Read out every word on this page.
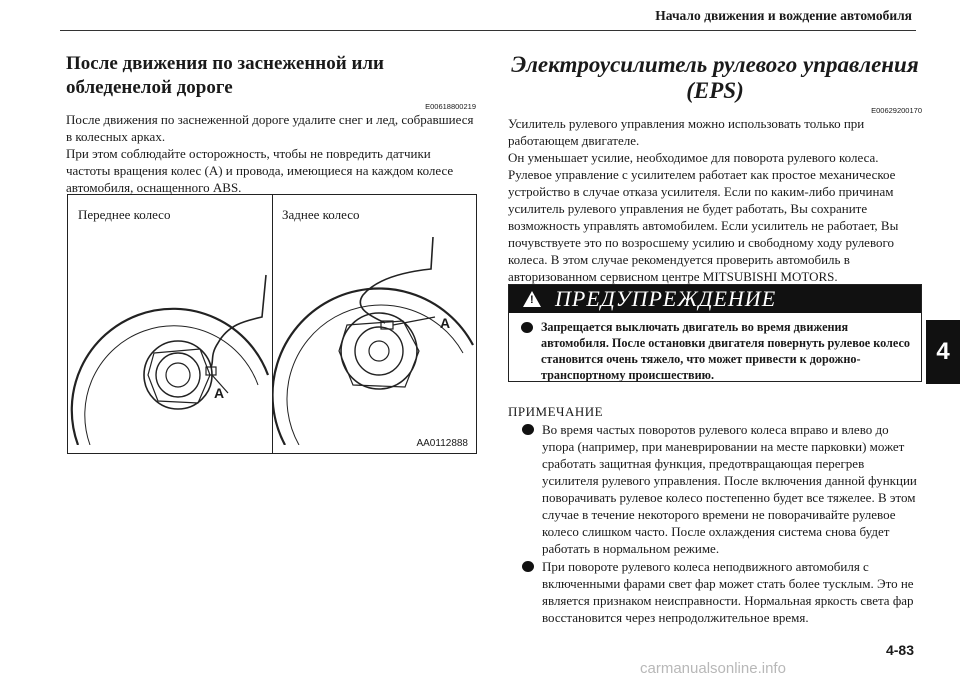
Начало движения и вождение автомобиля
4
После движения по заснеженной или обледенелой дороге
E00618800219

После движения по заснеженной дороге удалите снег и лед, собравшиеся в колесных арках.

При этом соблюдайте осторожность, чтобы не повредить датчики частоты вращения колес (A) и провода, имеющиеся на каждом колесе автомобиля, оснащенного ABS.

Переднее колесо	Заднее колесо
A
A
AA0112888
Электроусилитель рулевого управления (EPS)
E00629200170

Усилитель рулевого управления можно использовать только при работающем двигателе.

Он уменьшает усилие, необходимое для поворота рулевого колеса. Рулевое управление с усилителем работает как простое механическое устройство в случае отказа усилителя. Если по каким-либо причинам усилитель рулевого управления не будет работать, Вы сохраните возможность управлять автомобилем. Если усилитель не работает, Вы почувствуете это по возросшему усилию и свободному ходу рулевого колеса. В этом случае рекомендуется проверить автомобиль в авторизованном сервисном центре MITSUBISHI MOTORS.

! ПРЕДУПРЕЖДЕНИЕ

Запрещается выключать двигатель во время движения автомобиля. После остановки двигателя повернуть рулевое колесо становится очень тяжело, что может привести к дорожно-транспортному происшествию.

ПРИМЕЧАНИЕ

Во время частых поворотов рулевого колеса вправо и влево до упора (например, при маневрировании на месте парковки) может сработать защитная функция, предотвращающая перегрев усилителя рулевого управления. После включения данной функции поворачивать рулевое колесо постепенно будет все тяжелее. В этом случае в течение некоторого времени не поворачивайте рулевое колесо слишком часто. После охлаждения система снова будет работать в нормальном режиме.

При повороте рулевого колеса неподвижного автомобиля с включенными фарами свет фар может стать более тусклым. Это не является признаком неисправности. Нормальная яркость света фар восстановится через непродолжительное время.

4-83
carmanualsonline.info
